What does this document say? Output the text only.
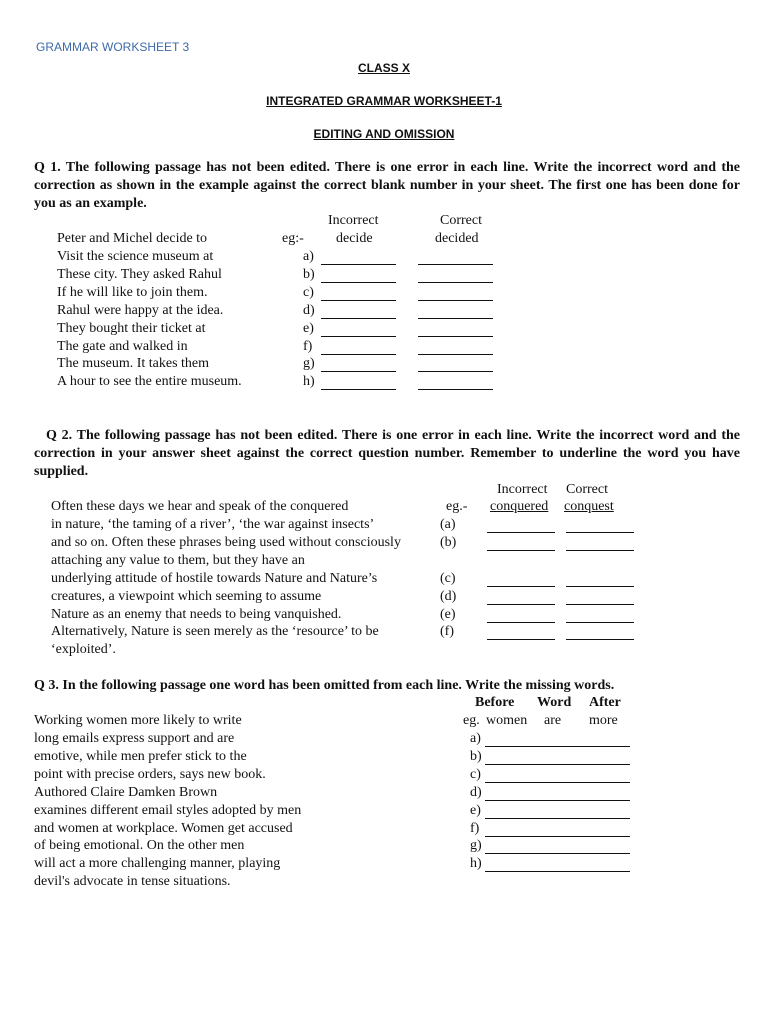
GRAMMAR WORKSHEET 3
CLASS X
INTEGRATED GRAMMAR WORKSHEET-1
EDITING AND OMISSION
Q 1. The following passage has not been edited. There is one error in each line. Write the incorrect word and the correction as shown in the example against the correct blank number in your sheet. The first one has been done for you as an example.
Incorrect	Correct
Peter and Michel decide to	eg:- decide	decided
Visit the science museum at	a)
These city. They asked Rahul	b)
If he will like to join them.	c)
Rahul were happy at the idea.	d)
They bought their ticket at	e)
The gate and walked in	f)
The museum. It takes them	g)
A hour to see the entire museum.	h)
Q 2. The following passage has not been edited. There is one error in each line. Write the incorrect word and the correction in your answer sheet against the correct question number. Remember to underline the word you have supplied.
Incorrect Correct
Often these days we hear and speak of the conquered	eg.- conquered conquest
in nature, ‘the taming of a river’, ‘the war against insects’	(a)
and so on. Often these phrases being used without consciously	(b)
attaching any value to them, but they have an
underlying attitude of hostile towards Nature and Nature’s	(c)
creatures, a viewpoint which seeming to assume	(d)
Nature as an enemy that needs to being vanquished.	(e)
Alternatively, Nature is seen merely as the ‘resource’ to be	(f)
‘exploited’.
Q 3. In the following passage one word has been omitted from each line. Write the missing words.
Before Word After
Working women more likely to write	eg. women are more
long emails express support and are	a)
emotive, while men prefer stick to the	b)
point with precise orders, says new book.	c)
Authored Claire Damken Brown	d)
examines different email styles adopted by men	e)
and women at workplace. Women get accused	f)
of being emotional. On the other men	g)
will act a more challenging manner, playing	h)
devil's advocate in tense situations.
